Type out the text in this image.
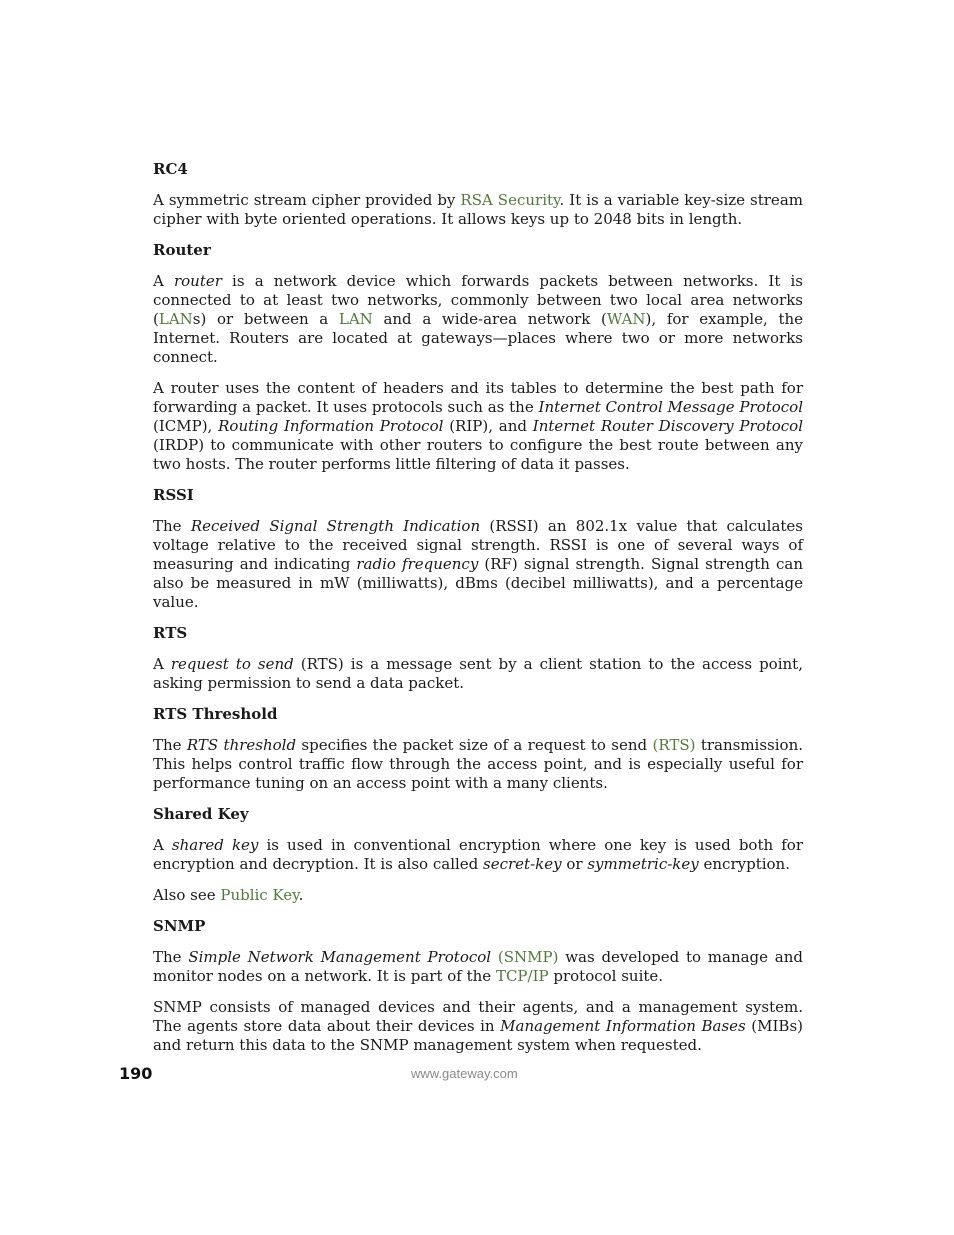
RC4

A symmetric stream cipher provided by RSA Security. It is a variable key-size stream cipher with byte oriented operations. It allows keys up to 2048 bits in length.

Router

A router is a network device which forwards packets between networks. It is connected to at least two networks, commonly between two local area networks (LANs) or between a LAN and a wide-area network (WAN), for example, the Internet. Routers are located at gateways—places where two or more networks connect.

A router uses the content of headers and its tables to determine the best path for forwarding a packet. It uses protocols such as the Internet Control Message Protocol (ICMP), Routing Information Protocol (RIP), and Internet Router Discovery Protocol (IRDP) to communicate with other routers to configure the best route between any two hosts. The router performs little filtering of data it passes.

RSSI

The Received Signal Strength Indication (RSSI) an 802.1x value that calculates voltage relative to the received signal strength. RSSI is one of several ways of measuring and indicating radio frequency (RF) signal strength. Signal strength can also be measured in mW (milliwatts), dBms (decibel milliwatts), and a percentage value.

RTS

A request to send (RTS) is a message sent by a client station to the access point, asking permission to send a data packet.

RTS Threshold

The RTS threshold specifies the packet size of a request to send (RTS) transmission. This helps control traffic flow through the access point, and is especially useful for performance tuning on an access point with a many clients.

Shared Key

A shared key is used in conventional encryption where one key is used both for encryption and decryption. It is also called secret-key or symmetric-key encryption.

Also see Public Key.

SNMP

The Simple Network Management Protocol (SNMP) was developed to manage and monitor nodes on a network. It is part of the TCP/IP protocol suite.

SNMP consists of managed devices and their agents, and a management system. The agents store data about their devices in Management Information Bases (MIBs) and return this data to the SNMP management system when requested.

190	www.gateway.com
